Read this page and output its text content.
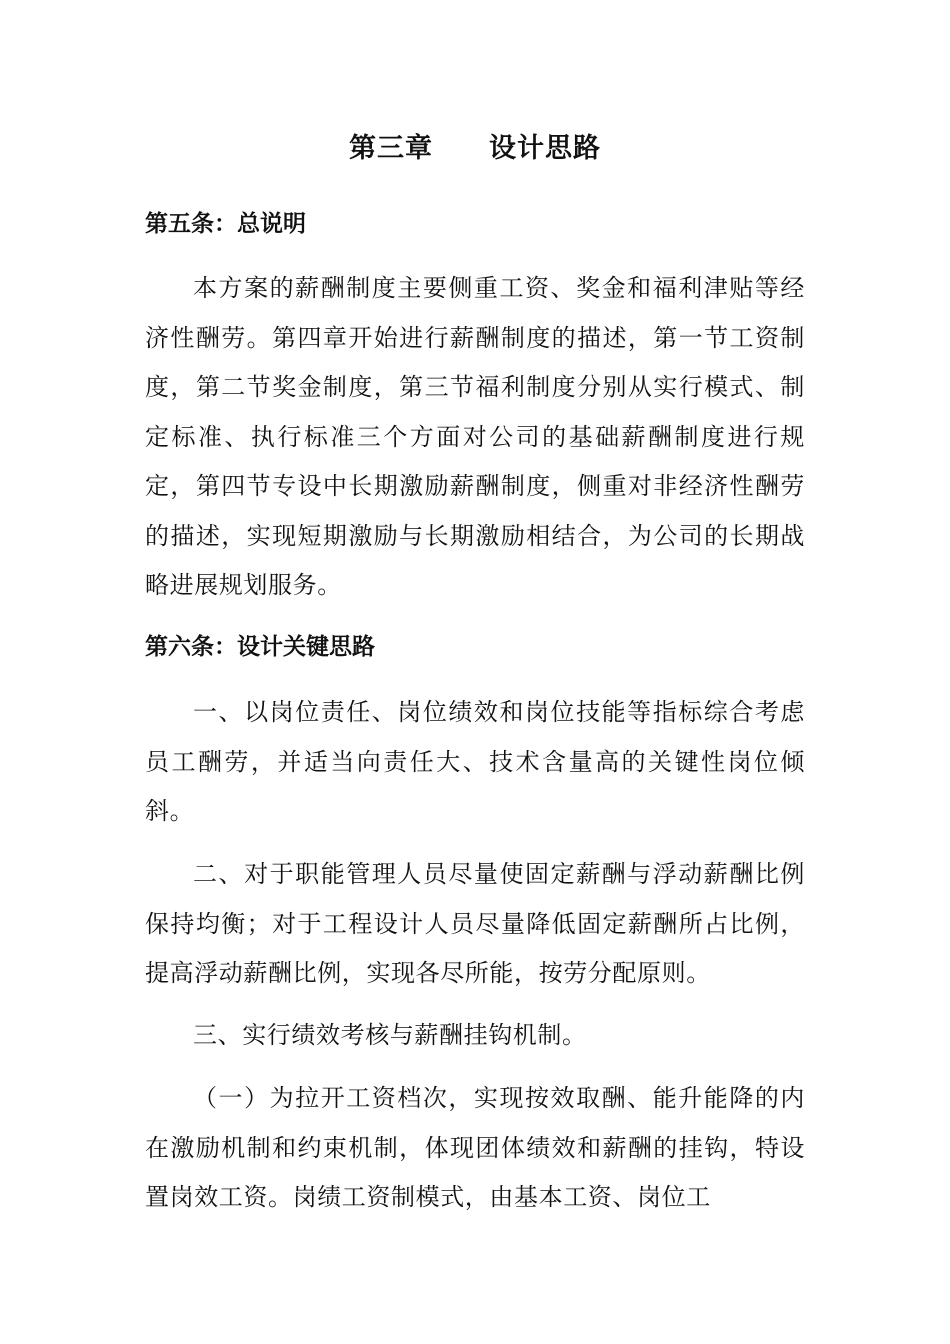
第三章　　设计思路
第五条：总说明

本方案的薪酬制度主要侧重工资、奖金和福利津贴等经济性酬劳。第四章开始进行薪酬制度的描述，第一节工资制度，第二节奖金制度，第三节福利制度分别从实行模式、制定标准、执行标准三个方面对公司的基础薪酬制度进行规定，第四节专设中长期激励薪酬制度，侧重对非经济性酬劳的描述，实现短期激励与长期激励相结合，为公司的长期战略进展规划服务。

第六条：设计关键思路

一、以岗位责任、岗位绩效和岗位技能等指标综合考虑员工酬劳，并适当向责任大、技术含量高的关键性岗位倾斜。

二、对于职能管理人员尽量使固定薪酬与浮动薪酬比例保持均衡；对于工程设计人员尽量降低固定薪酬所占比例，提高浮动薪酬比例，实现各尽所能，按劳分配原则。

三、实行绩效考核与薪酬挂钩机制。

（一）为拉开工资档次，实现按效取酬、能升能降的内在激励机制和约束机制，体现团体绩效和薪酬的挂钩，特设置岗效工资。岗绩工资制模式，由基本工资、岗位工
